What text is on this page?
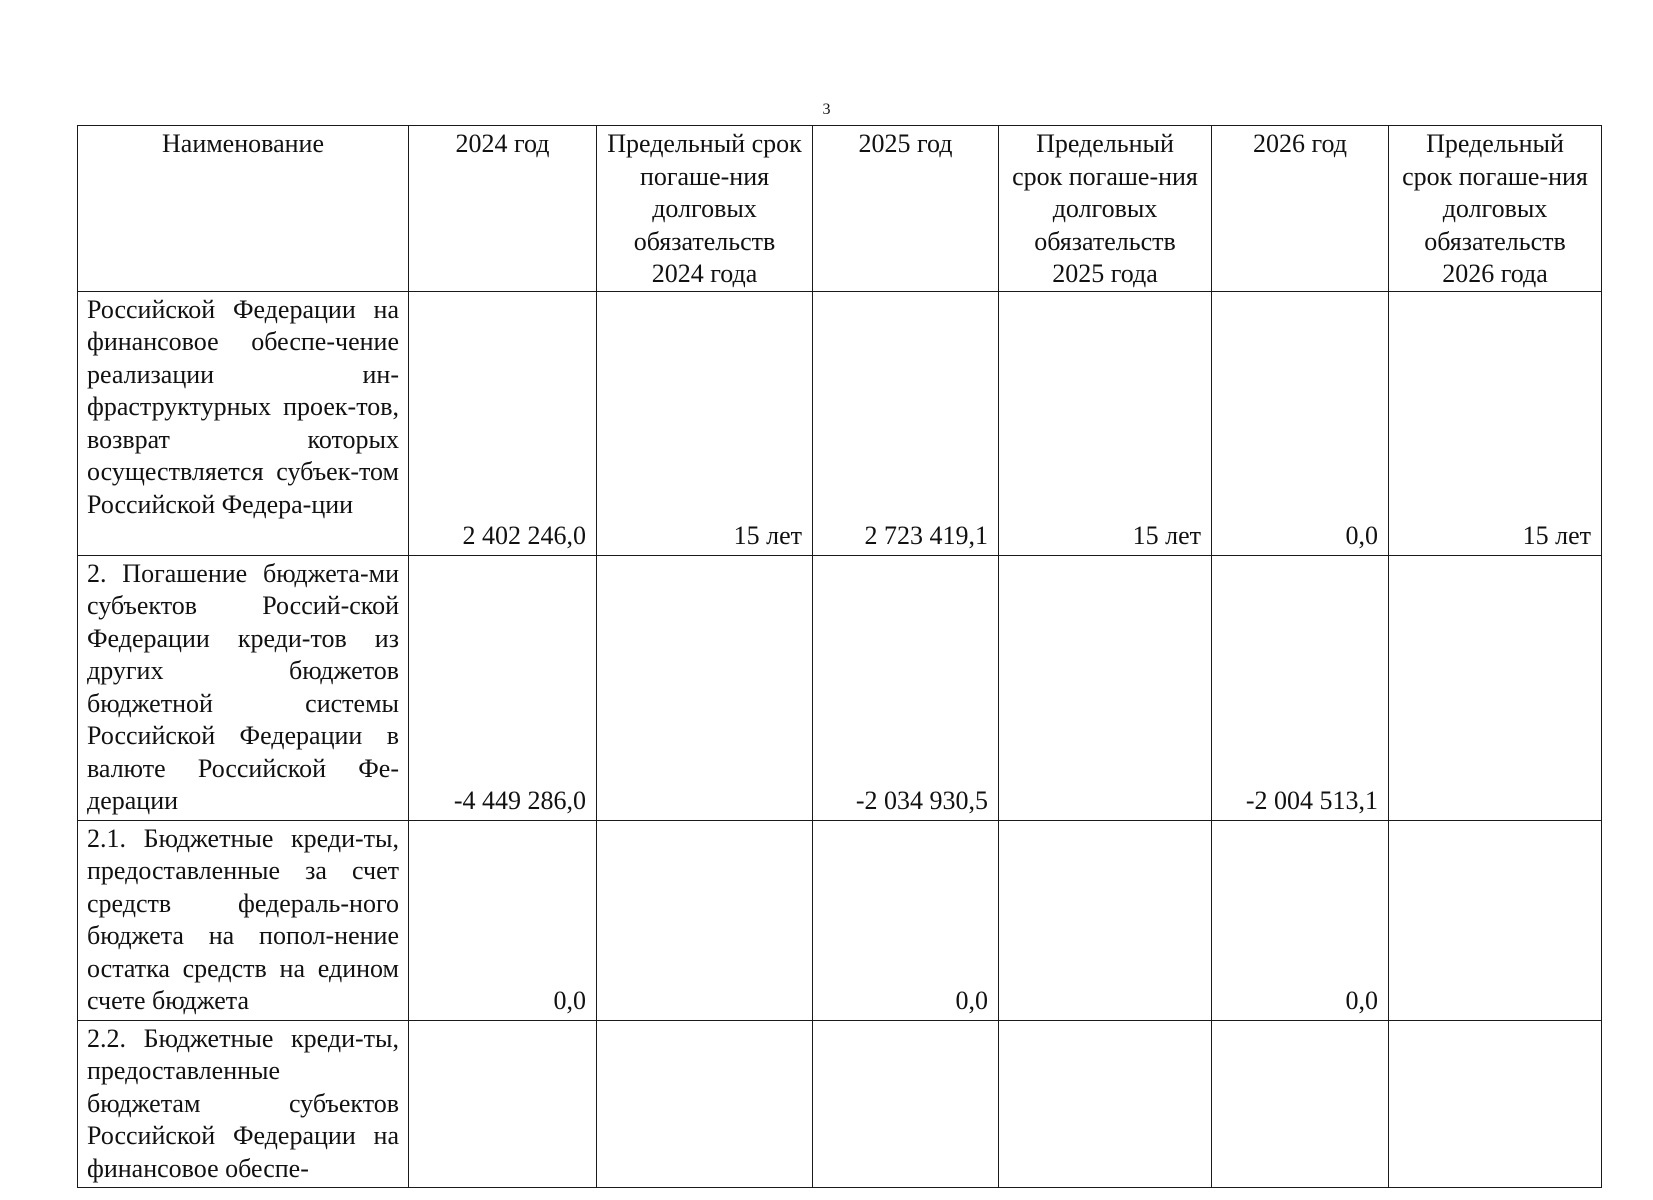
3
Наименование	2024 год	Предельный срок погаше-ния долговых обязательств 2024 года	2025 год	Предельный срок погаше-ния долговых обязательств 2025 года	2026 год	Предельный срок погаше-ния долговых обязательств 2026 года
Российской Федерации на финансовое обеспе-чение реализации ин-фраструктурных проек-тов, возврат которых осуществляется субъек-том Российской Федера-ции	2 402 246,0	15 лет	2 723 419,1	15 лет	0,0	15 лет
2. Погашение бюджета-ми субъектов Россий-ской Федерации креди-тов из других бюджетов бюджетной системы Российской Федерации в валюте Российской Фе-дерации	-4 449 286,0		-2 034 930,5		-2 004 513,1	
2.1. Бюджетные креди-ты, предоставленные за счет средств федераль-ного бюджета на попол-нение остатка средств на едином счете бюджета	0,0		0,0		0,0	
2.2. Бюджетные креди-ты, предоставленные бюджетам субъектов Российской Федерации на финансовое обеспе-						
